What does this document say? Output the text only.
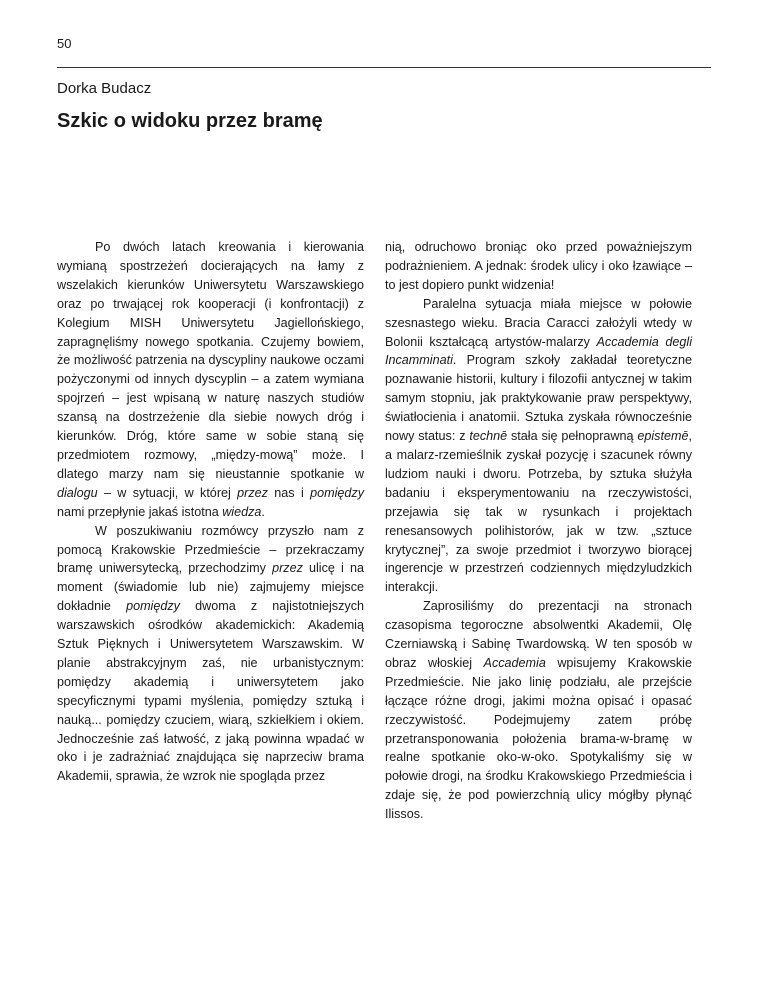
50
Dorka Budacz
Szkic o widoku przez bramę

Po dwóch latach kreowania i kierowania wymianą spostrzeżeń docierających na łamy z wszelakich kierunków Uniwersytetu Warszawskiego oraz po trwającej rok kooperacji (i konfrontacji) z Kolegium MISH Uniwersytetu Jagiellońskiego, zapragnęliśmy nowego spotkania. Czujemy bowiem, że możliwość patrzenia na dyscypliny naukowe oczami pożyczonymi od innych dyscyplin – a zatem wymiana spojrzeń – jest wpisaną w naturę naszych studiów szansą na dostrzeżenie dla siebie nowych dróg i kierunków. Dróg, które same w sobie staną się przedmiotem rozmowy, „między-mową” może. I dlatego marzy nam się nieustannie spotkanie w dialogu – w sytuacji, w której przez nas i pomiędzy nami przepłynie jakaś istotna wiedza.

W poszukiwaniu rozmówcy przyszło nam z pomocą Krakowskie Przedmieście – przekraczamy bramę uniwersytecką, przechodzimy przez ulicę i na moment (świadomie lub nie) zajmujemy miejsce dokładnie pomiędzy dwoma z najistotniejszych warszawskich ośrodków akademickich: Akademią Sztuk Pięknych i Uniwersytetem Warszawskim. W planie abstrakcyjnym zaś, nie urbanistycznym: pomiędzy akademią i uniwersytetem jako specyficznymi typami myślenia, pomiędzy sztuką i nauką... pomiędzy czuciem, wiarą, szkiełkiem i okiem. Jednocześnie zaś łatwość, z jaką powinna wpadać w oko i je zadrażniać znajdująca się naprzeciw brama Akademii, sprawia, że wzrok nie spogląda przez

nią, odruchowo broniąc oko przed poważniejszym podrażnieniem. A jednak: środek ulicy i oko łzawiące – to jest dopiero punkt widzenia!

Paralelna sytuacja miała miejsce w połowie szesnastego wieku. Bracia Caracci założyli wtedy w Bolonii kształcącą artystów-malarzy Accademia degli Incamminati. Program szkoły zakładał teoretyczne poznawanie historii, kultury i filozofii antycznej w takim samym stopniu, jak praktykowanie praw perspektywy, światłocienia i anatomii. Sztuka zyskała równocześnie nowy status: z technē stała się pełnoprawną epistemē, a malarz-rzemieślnik zyskał pozycję i szacunek równy ludziom nauki i dworu. Potrzeba, by sztuka służyła badaniu i eksperymentowaniu na rzeczywistości, przejawia się tak w rysunkach i projektach renesansowych polihistorów, jak w tzw. „sztuce krytycznej”, za swoje przedmiot i tworzywo biorącej ingerencje w przestrzeń codziennych międzyludzkich interakcji.

Zaprosiliśmy do prezentacji na stronach czasopisma tegoroczne absolwentki Akademii, Olę Czerniawską i Sabinę Twardowską. W ten sposób w obraz włoskiej Accademia wpisujemy Krakowskie Przedmieście. Nie jako linię podziału, ale przejście łączące różne drogi, jakimi można opisać i opasać rzeczywistość. Podejmujemy zatem próbę przetransponowania położenia brama-w-bramę w realne spotkanie oko-w-oko. Spotykaliśmy się w połowie drogi, na środku Krakowskiego Przedmieścia i zdaje się, że pod powierzchnią ulicy mógłby płynąć Ilissos.
